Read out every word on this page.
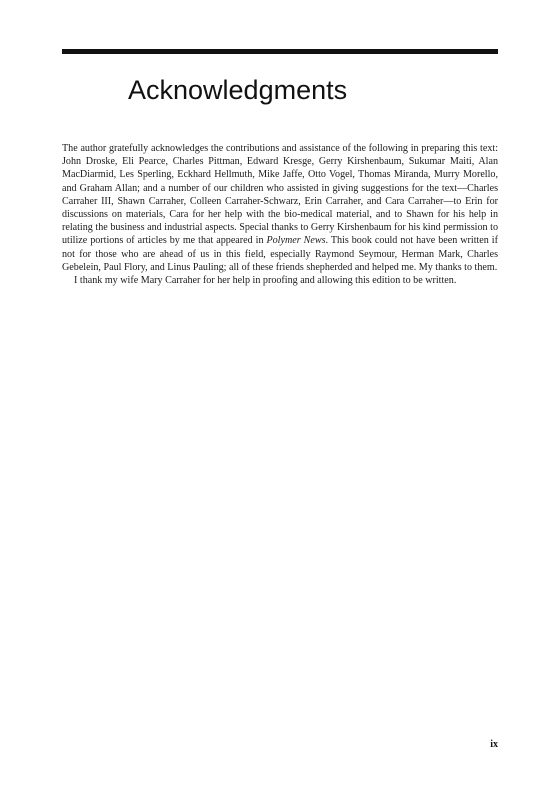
Acknowledgments

The author gratefully acknowledges the contributions and assistance of the following in preparing this text: John Droske, Eli Pearce, Charles Pittman, Edward Kresge, Gerry Kirshenbaum, Sukumar Maiti, Alan MacDiarmid, Les Sperling, Eckhard Hellmuth, Mike Jaffe, Otto Vogel, Thomas Miranda, Murry Morello, and Graham Allan; and a number of our children who assisted in giving suggestions for the text—Charles Carraher III, Shawn Carraher, Colleen Carraher-Schwarz, Erin Carraher, and Cara Carraher—to Erin for discussions on materials, Cara for her help with the bio-medical material, and to Shawn for his help in relating the business and industrial aspects. Special thanks to Gerry Kirshenbaum for his kind permission to utilize portions of articles by me that appeared in Polymer News. This book could not have been written if not for those who are ahead of us in this field, especially Raymond Seymour, Herman Mark, Charles Gebelein, Paul Flory, and Linus Pauling; all of these friends shepherded and helped me. My thanks to them.

I thank my wife Mary Carraher for her help in proofing and allowing this edition to be written.

ix
